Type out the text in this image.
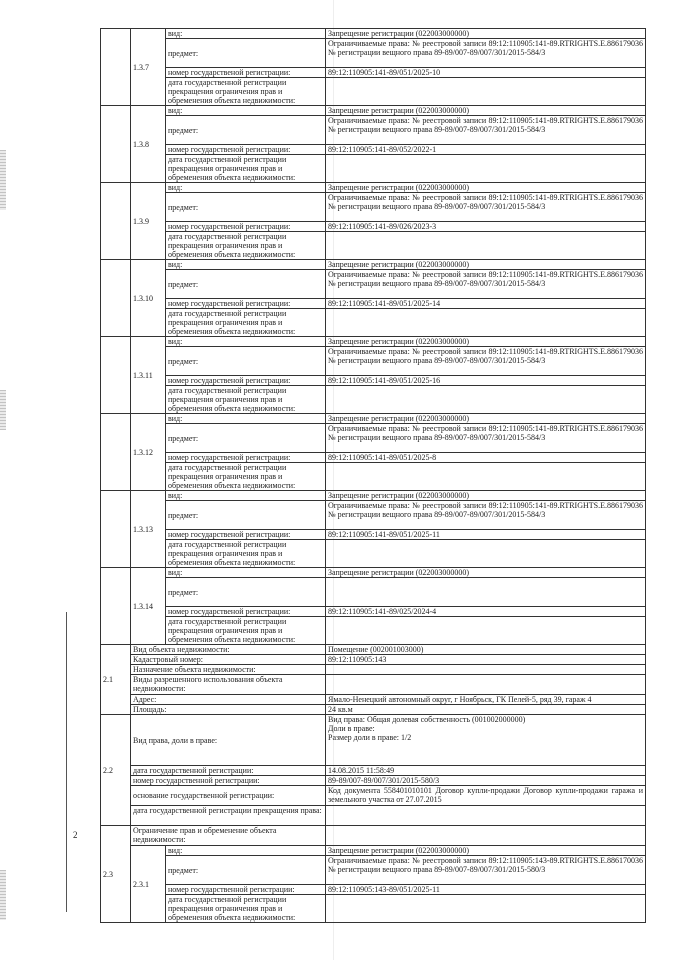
2
	1.3.7	вид:	Запрещение регистрации (022003000000)
		предмет:	Ограничиваемые права: № реестровой записи 89:12:110905:141-89.RTRIGHTS.E.886179036 № регистрации вещного права 89-89/007-89/007/301/2015-584/3
		номер государственой регистрации:	89:12:110905:141-89/051/2025-10
		дата государственной регистрации прекращения ограничения прав и обременения объекта недвижимости:	
	1.3.8	вид:	Запрещение регистрации (022003000000)
		предмет:	Ограничиваемые права: № реестровой записи 89:12:110905:141-89.RTRIGHTS.E.886179036 № регистрации вещного права 89-89/007-89/007/301/2015-584/3
		номер государственой регистрации:	89:12:110905:141-89/052/2022-1
		дата государственной регистрации прекращения ограничения прав и обременения объекта недвижимости:	
	1.3.9	вид:	Запрещение регистрации (022003000000)
		предмет:	Ограничиваемые права: № реестровой записи 89:12:110905:141-89.RTRIGHTS.E.886179036 № регистрации вещного права 89-89/007-89/007/301/2015-584/3
		номер государственой регистрации:	89:12:110905:141-89/026/2023-3
		дата государственной регистрации прекращения ограничения прав и обременения объекта недвижимости:	
	1.3.10	вид:	Запрещение регистрации (022003000000)
		предмет:	Ограничиваемые права: № реестровой записи 89:12:110905:141-89.RTRIGHTS.E.886179036 № регистрации вещного права 89-89/007-89/007/301/2015-584/3
		номер государственой регистрации:	89:12:110905:141-89/051/2025-14
		дата государственной регистрации прекращения ограничения прав и обременения объекта недвижимости:	
	1.3.11	вид:	Запрещение регистрации (022003000000)
		предмет:	Ограничиваемые права: № реестровой записи 89:12:110905:141-89.RTRIGHTS.E.886179036 № регистрации вещного права 89-89/007-89/007/301/2015-584/3
		номер государственой регистрации:	89:12:110905:141-89/051/2025-16
		дата государственной регистрации прекращения ограничения прав и обременения объекта недвижимости:	
	1.3.12	вид:	Запрещение регистрации (022003000000)
		предмет:	Ограничиваемые права: № реестровой записи 89:12:110905:141-89.RTRIGHTS.E.886179036 № регистрации вещного права 89-89/007-89/007/301/2015-584/3
		номер государственой регистрации:	89:12:110905:141-89/051/2025-8
		дата государственной регистрации прекращения ограничения прав и обременения объекта недвижимости:	
	1.3.13	вид:	Запрещение регистрации (022003000000)
		предмет:	Ограничиваемые права: № реестровой записи 89:12:110905:141-89.RTRIGHTS.E.886179036 № регистрации вещного права 89-89/007-89/007/301/2015-584/3
		номер государственой регистрации:	89:12:110905:141-89/051/2025-11
		дата государственной регистрации прекращения ограничения прав и обременения объекта недвижимости:	
	1.3.14	вид:	Запрещение регистрации (022003000000)
		предмет:	
		номер государственой регистрации:	89:12:110905:141-89/025/2024-4
		дата государственной регистрации прекращения ограничения прав и обременения объекта недвижимости:	
2.1	Вид объекта недвижимости:		Помещение (002001003000)
	Кадастровый номер:		89:12:110905:143
	Назначение объекта недвижимости:		
	Виды разрешенного использования объекта недвижимости:		
	Адрес:		Ямало-Ненецкий автономный округ, г Ноябрьск, ГК Пелей-5, ряд 39, гараж 4
	Площадь:		24 кв.м
2.2	Вид права, доли в праве:		Вид права: Общая долевая собственность (001002000000)
Доли в праве:
Размер доли в праве: 1/2

	дата государственной регистрации:		14.08.2015 11:58:49
	номер государственной регистрации:		89-89/007-89/007/301/2015-580/3
	основание государственной регистрации:		Код документа 558401010101 Договор купли-продажи Договор купли-продажи гаража и земельного участка от 27.07.2015
	дата государственной регистрации прекращения права:		
2.3	Ограничение прав и обременение объекта недвижимости:		
	2.3.1	вид:	Запрещение регистрации (022003000000)
		предмет:	Ограничиваемые права: № реестровой записи 89:12:110905:143-89.RTRIGHTS.E.886170036 № регистрации вещного права 89-89/007-89/007/301/2015-580/3
		номер государственной регистрации:	89:12:110905:143-89/051/2025-11
		дата государственной регистрации прекращения ограничения прав и обременения объекта недвижимости:	
